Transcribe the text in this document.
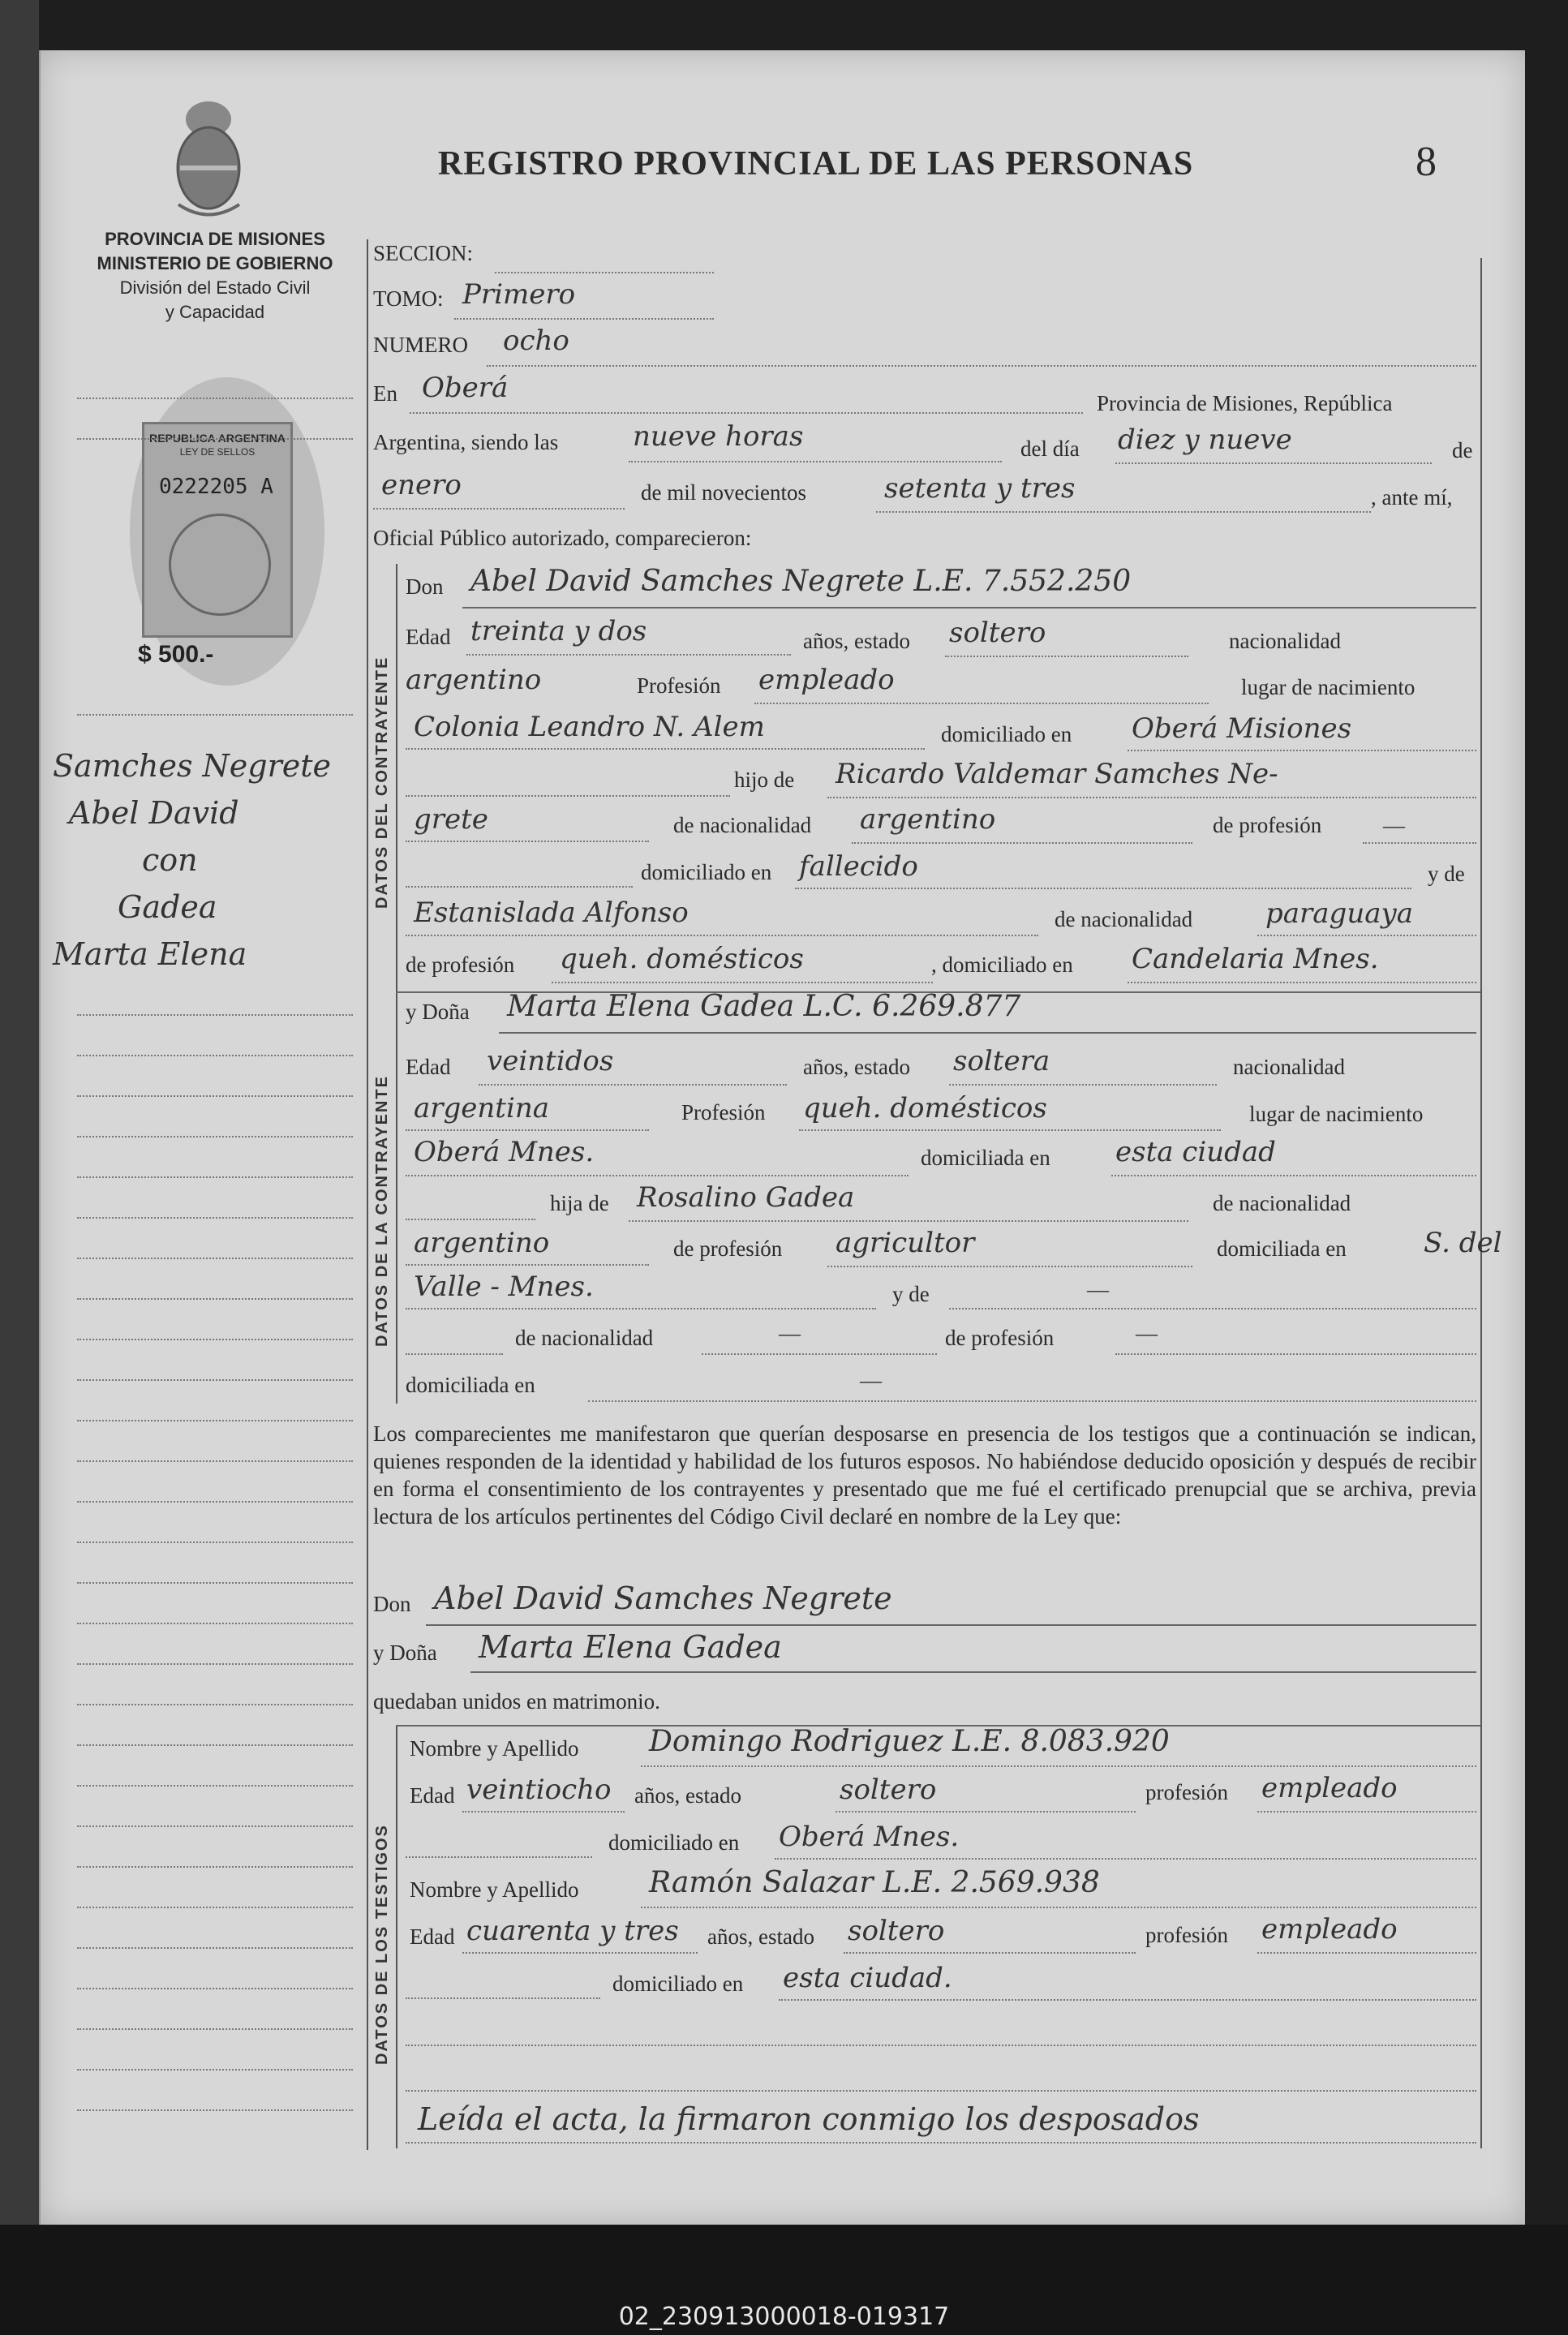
REGISTRO PROVINCIAL DE LAS PERSONAS	8
PROVINCIA DE MISIONES
MINISTERIO DE GOBIERNO
División del Estado Civil
y Capacidad
REPUBLICA ARGENTINA
LEY DE SELLOS
0222205 A
$ 500.-
Samches Negrete
Abel David
con
Gadea
Marta Elena
DATOS DEL CONTRAYENTE
DATOS DE LA CONTRAYENTE
DATOS DE LOS TESTIGOS
SECCION:
TOMO: Primero
NUMERO ocho
En Oberá	Provincia de Misiones, República
Argentina, siendo las	nueve horas	del día diez y nueve	de
enero	de mil novecientos	setenta y tres	, ante mí,
Oficial Público autorizado, comparecieron:
Don Abel David Samches Negrete L.E. 7.552.250
Edad treinta y dos	años, estado soltero	nacionalidad
argentino	Profesión empleado	lugar de nacimiento
Colonia Leandro N. Alem	domiciliado en Oberá Misiones
hijo de Ricardo Valdemar Samches Ne-
grete	de nacionalidad argentino	de profesión	—
domiciliado en fallecido	y de
Estanislada Alfonso	de nacionalidad	paraguaya
de profesión queh. domésticos	, domiciliado en Candelaria Mnes.
y Doña Marta Elena Gadea L.C. 6.269.877
Edad veintidos	años, estado soltera	nacionalidad
argentina	Profesión queh. domésticos	lugar de nacimiento
Oberá Mnes.	domiciliada en esta ciudad
hija de Rosalino Gadea	de nacionalidad
argentino	de profesión agricultor	domiciliada en	S. del
Valle - Mnes.	y de	—
de nacionalidad	—	de profesión	—
domiciliada en	—
Los comparecientes me manifestaron que querían desposarse en presencia de los testigos que a continuación se indican, quienes responden de la identidad y habilidad de los futuros esposos. No habiéndose deducido oposición y después de recibir en forma el consentimiento de los contrayentes y presentado que me fué el certificado prenupcial que se archiva, previa lectura de los artículos pertinentes del Código Civil declaré en nombre de la Ley que:
Don Abel David Samches Negrete
y Doña Marta Elena Gadea
quedaban unidos en matrimonio.
Nombre y Apellido Domingo Rodriguez L.E. 8.083.920
Edad veintiocho años, estado	soltero	profesión empleado
domiciliado en Oberá Mnes.
Nombre y Apellido Ramón Salazar L.E. 2.569.938
Edad cuarenta y tres años, estado soltero	profesión empleado
domiciliado en esta ciudad.
Leída el acta, la firmaron conmigo los desposados
02_230913000018-019317
